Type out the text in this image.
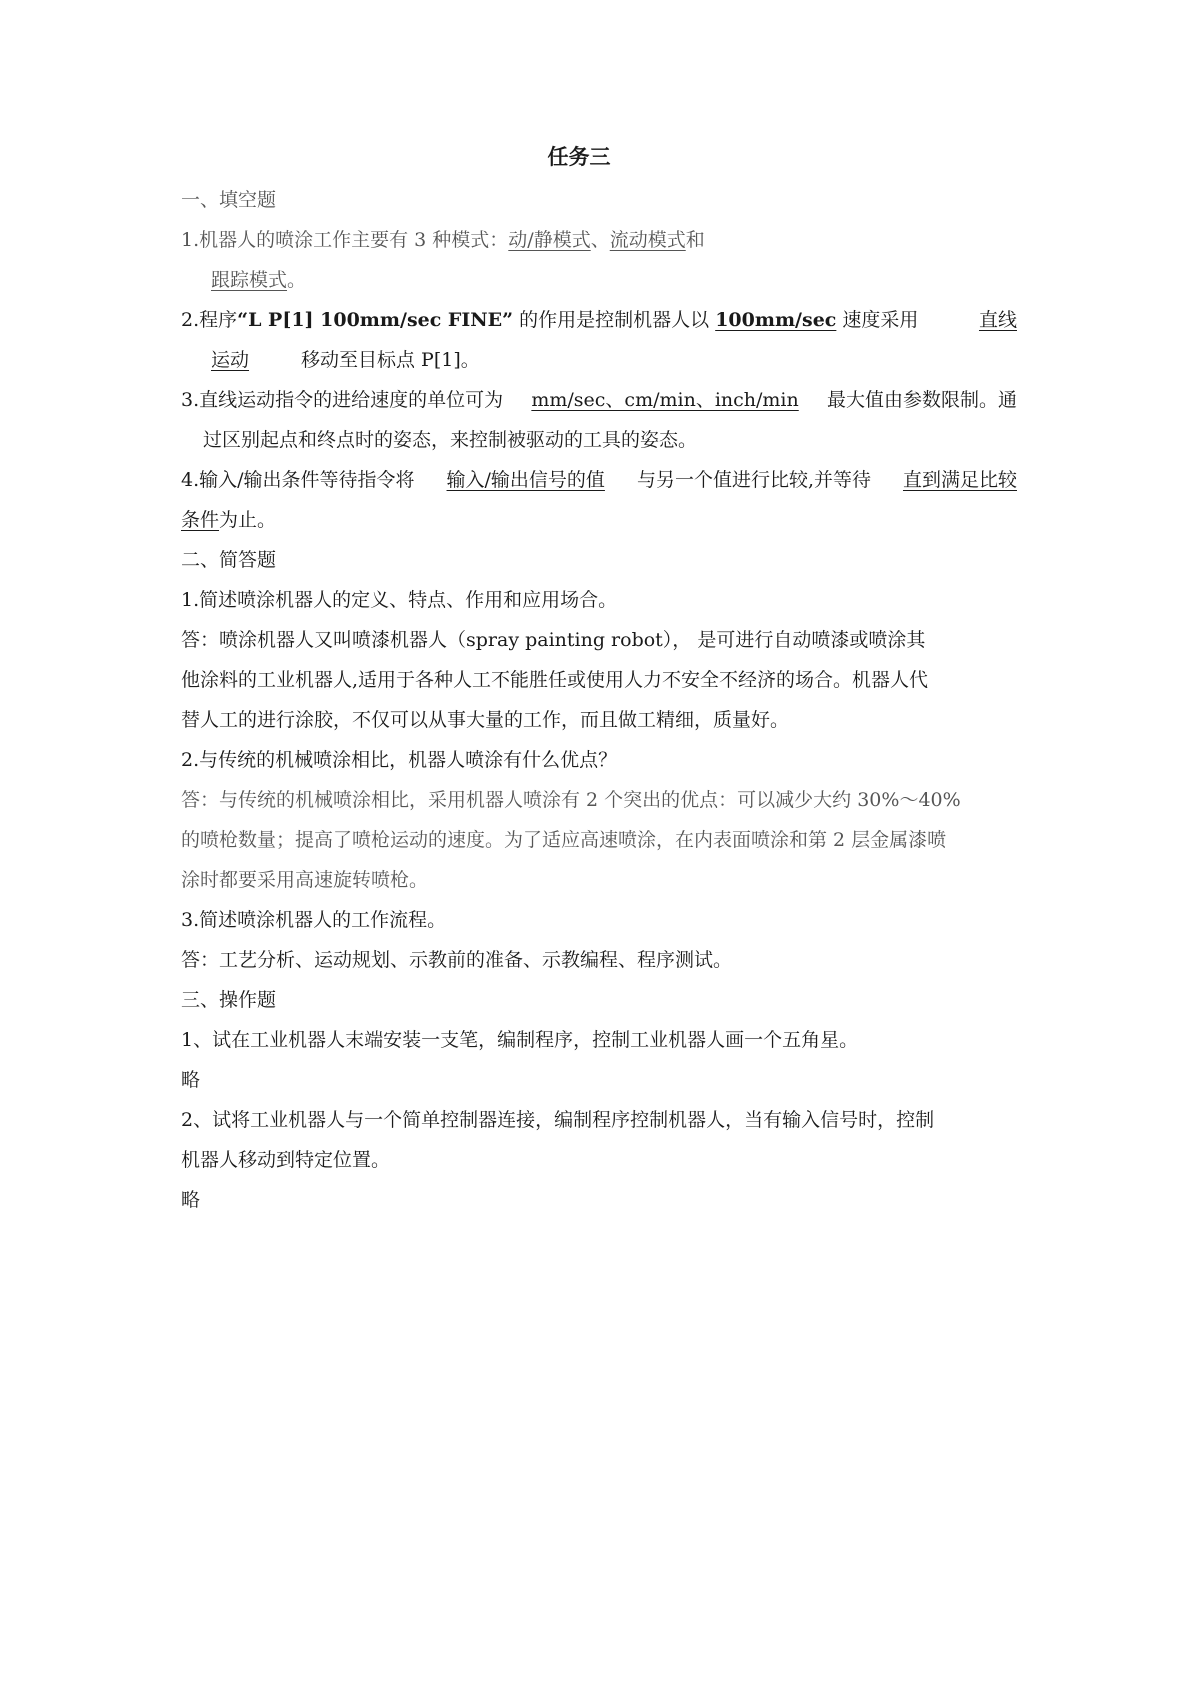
任务三
一、填空题
1.机器人的喷涂工作主要有 3 种模式：动/静模式、流动模式和
跟踪模式。
2.程序“L P[1] 100mm/sec FINE” 的作用是控制机器人以 100mm/sec 速度采用	直线
运动	移动至目标点 P[1]。
3.直线运动指令的进给速度的单位可为 mm/sec、cm/min、inch/min 最大值由参数限制。通
过区别起点和终点时的姿态，来控制被驱动的工具的姿态。
4.输入/输出条件等待指令将 输入/输出信号的值 与另一个值进行比较,并等待 直到满足比较
条件为止。
二、简答题
1.简述喷涂机器人的定义、特点、作用和应用场合。
答：喷涂机器人又叫喷漆机器人（spray painting robot）， 是可进行自动喷漆或喷涂其
他涂料的工业机器人,适用于各种人工不能胜任或使用人力不安全不经济的场合。机器人代
替人工的进行涂胶，不仅可以从事大量的工作，而且做工精细，质量好。
2.与传统的机械喷涂相比，机器人喷涂有什么优点？
答：与传统的机械喷涂相比，采用机器人喷涂有 2 个突出的优点：可以减少大约 30%～40%
的喷枪数量；提高了喷枪运动的速度。为了适应高速喷涂，在内表面喷涂和第 2 层金属漆喷
涂时都要采用高速旋转喷枪。
3.简述喷涂机器人的工作流程。
答：工艺分析、运动规划、示教前的准备、示教编程、程序测试。
三、操作题
1、试在工业机器人末端安装一支笔，编制程序，控制工业机器人画一个五角星。
略
2、试将工业机器人与一个简单控制器连接，编制程序控制机器人，当有输入信号时，控制
机器人移动到特定位置。
略
